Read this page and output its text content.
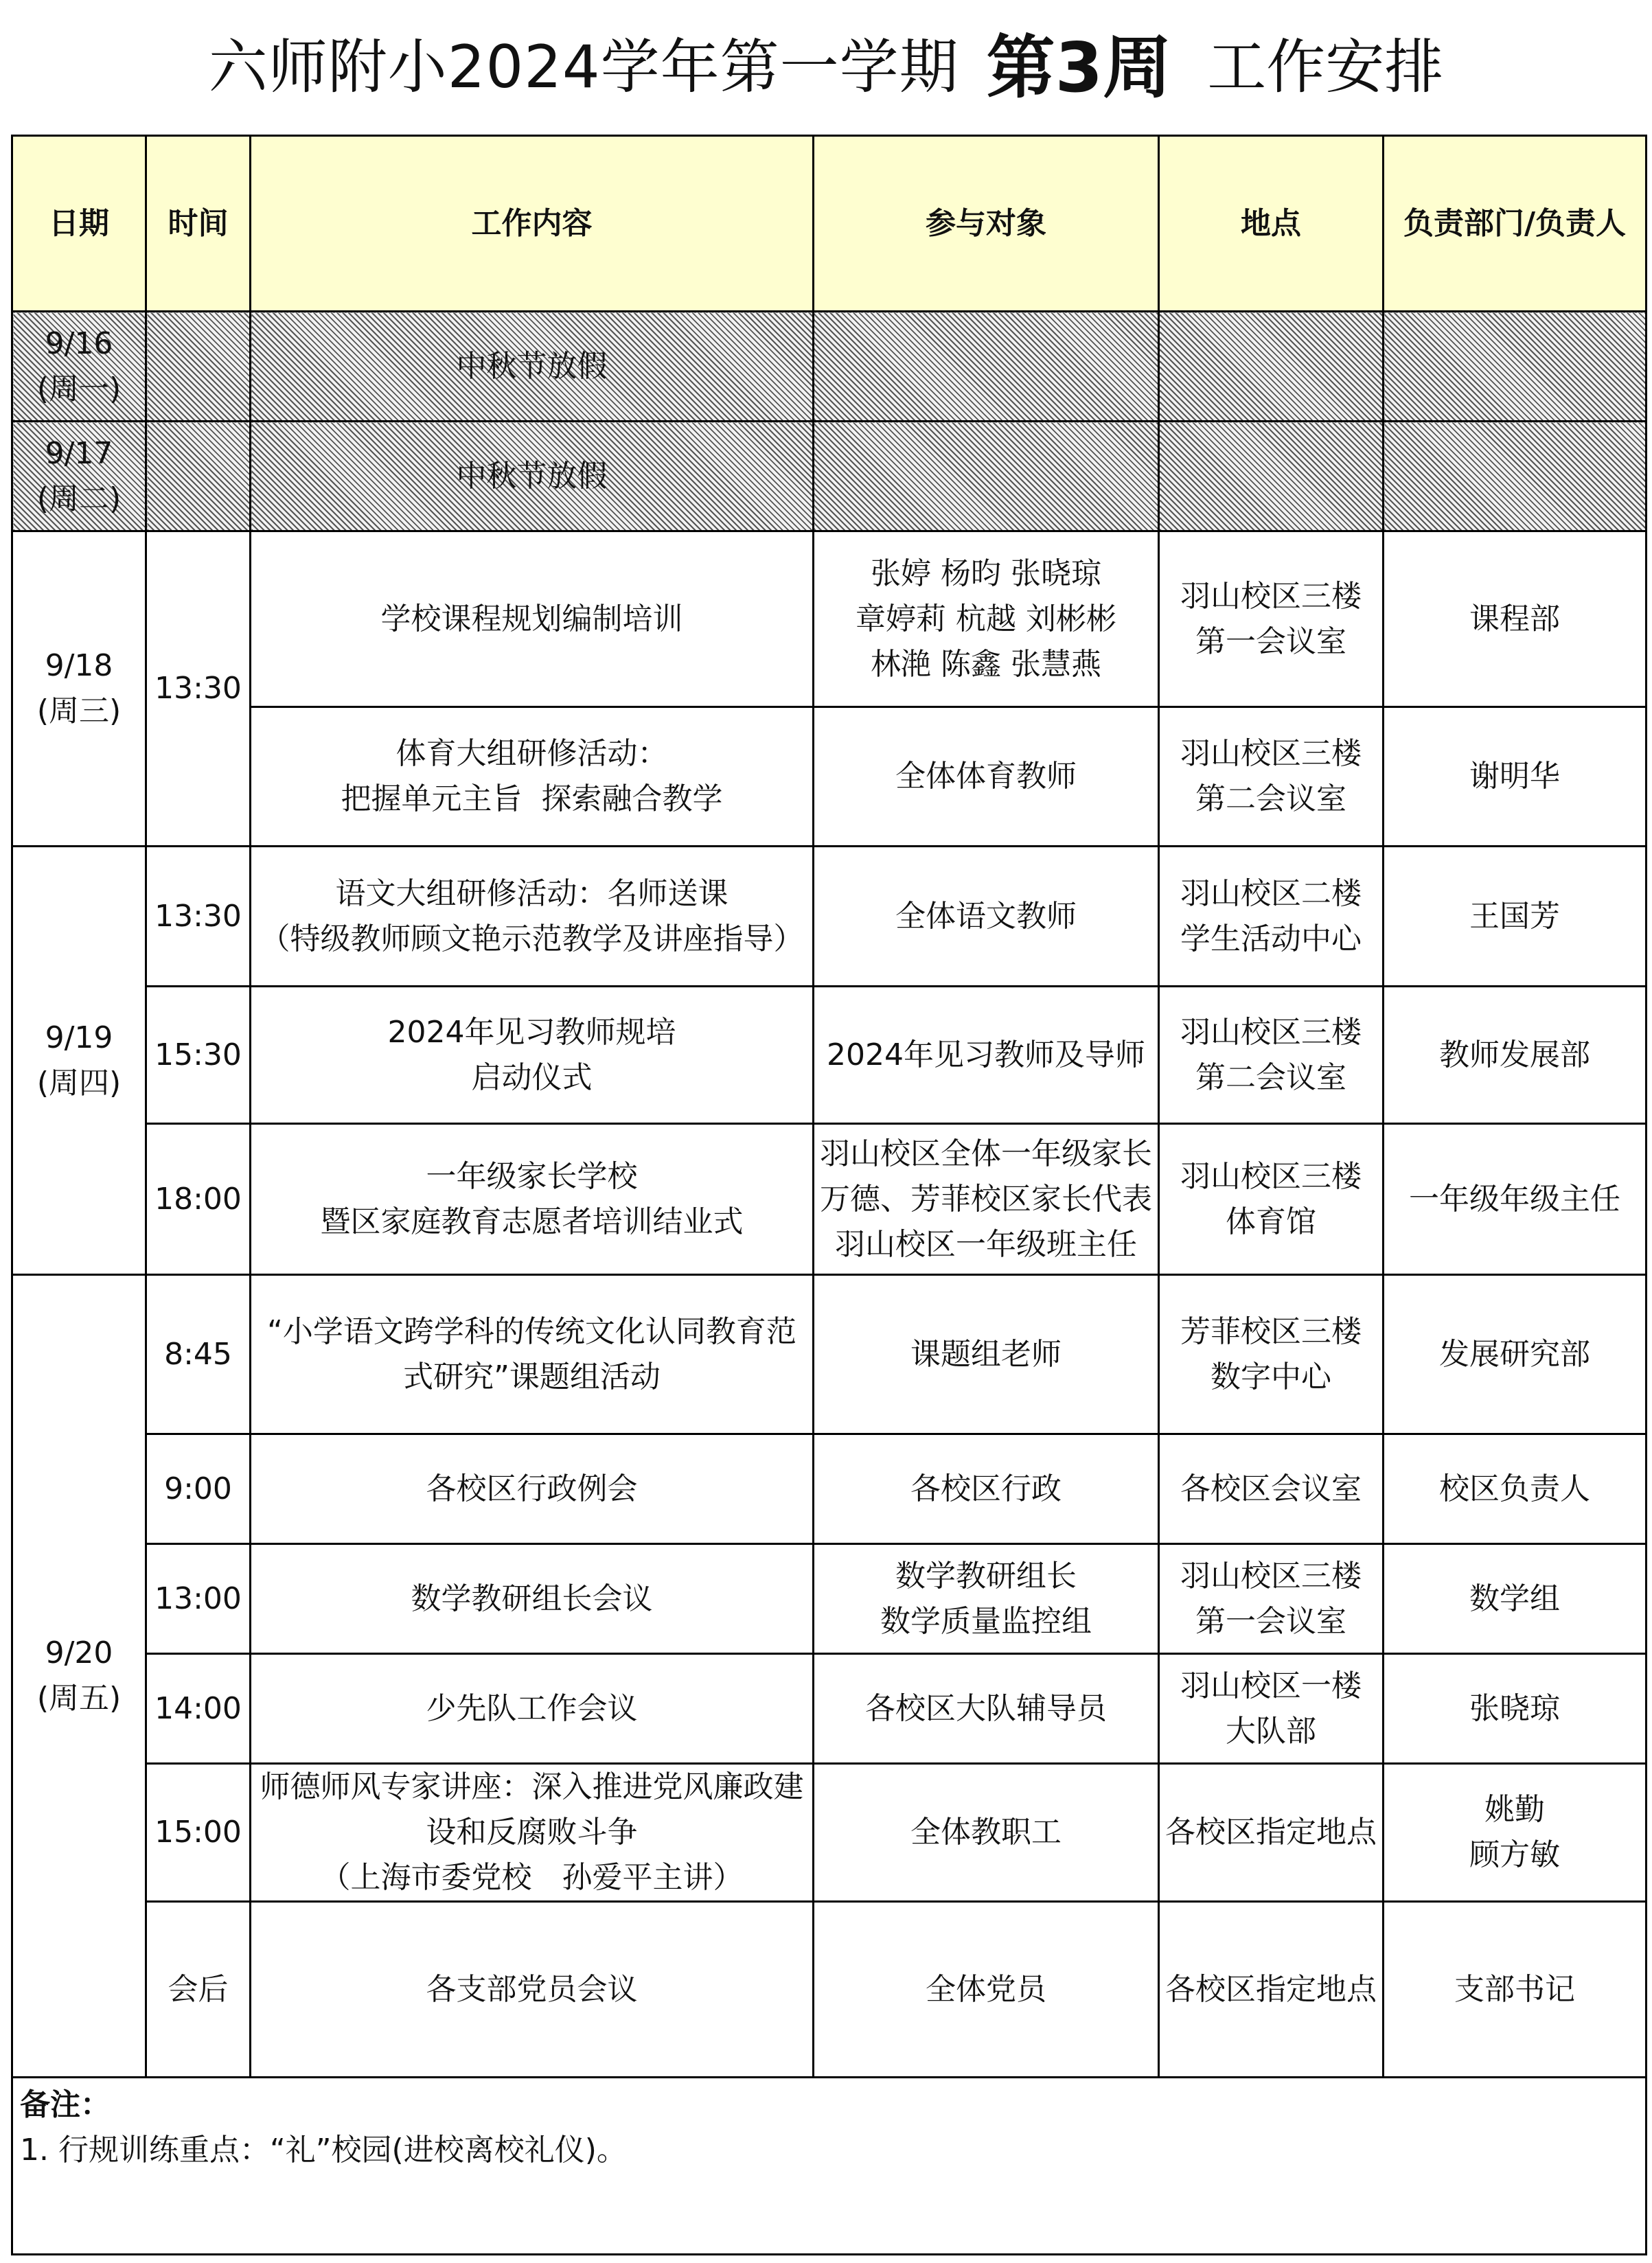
六师附小2024学年第一学期 第3周 工作安排
日期	时间	工作内容	参与对象	地点	负责部门/负责人

9/16
(周一)		中秋节放假			

9/17
(周二)		中秋节放假			

9/18
(周三)	13:30	学校课程规划编制培训	张婷 杨昀 张晓琼
章婷莉 杭越 刘彬彬
林滟 陈鑫 张慧燕	羽山校区三楼
第一会议室	课程部

		体育大组研修活动：
把握单元主旨  探索融合教学	全体体育教师	羽山校区三楼
第二会议室	谢明华

9/19
(周四)	13:30	语文大组研修活动：名师送课
（特级教师顾文艳示范教学及讲座指导）	全体语文教师	羽山校区二楼
学生活动中心	王国芳

	15:30	2024年见习教师规培
启动仪式	2024年见习教师及导师	羽山校区三楼
第二会议室	教师发展部

	18:00	一年级家长学校
暨区家庭教育志愿者培训结业式	羽山校区全体一年级家长
万德、芳菲校区家长代表
羽山校区一年级班主任	羽山校区三楼
体育馆	一年级年级主任

9/20
(周五)	8:45	“小学语文跨学科的传统文化认同教育范
式研究”课题组活动	课题组老师	芳菲校区三楼
数字中心	发展研究部

	9:00	各校区行政例会	各校区行政	各校区会议室	校区负责人

	13:00	数学教研组长会议	数学教研组长
数学质量监控组	羽山校区三楼
第一会议室	数学组

	14:00	少先队工作会议	各校区大队辅导员	羽山校区一楼
大队部	张晓琼

	15:00	师德师风专家讲座：深入推进党风廉政建
设和反腐败斗争
（上海市委党校　孙爱平主讲）	全体教职工	各校区指定地点	姚勤
顾方敏

	会后	各支部党员会议	全体党员	各校区指定地点	支部书记

备注：
1. 行规训练重点：“礼”校园(进校离校礼仪)。					
